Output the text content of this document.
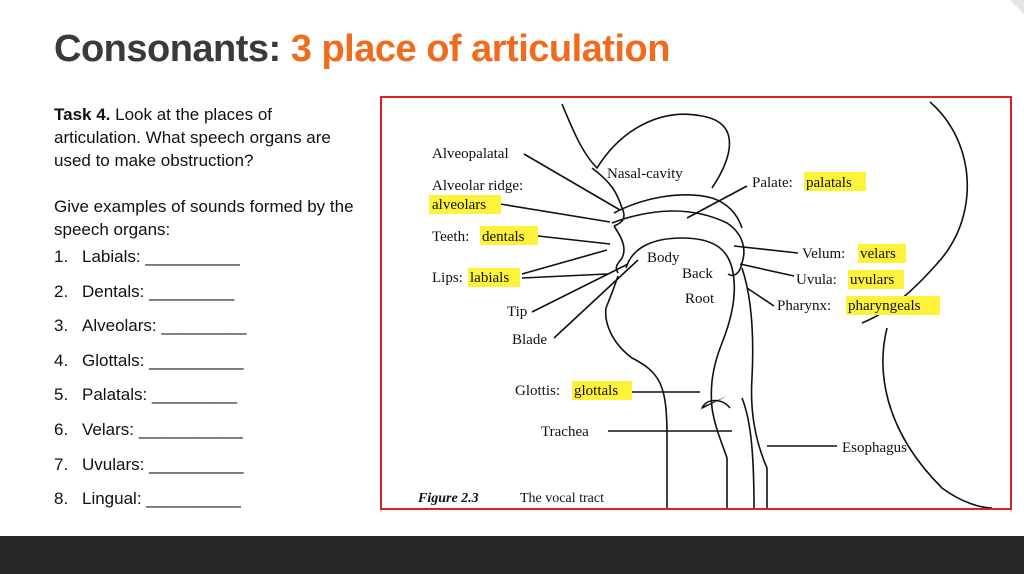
Consonants: 3 place of articulation

Task 4. Look at the places of articulation. What speech organs are used to make obstruction?

Give examples of sounds formed by the speech organs:

1. Labials: __________
2. Dentals: _________
3. Alveolars: _________
4. Glottals: __________
5. Palatals: _________
6. Velars: ___________
7. Uvulars: __________
8. Lingual: __________
Alveopalatal
Nasal-cavity
Alveolar ridge:
alveolars
Teeth: dentals
Lips: labials
Body
Back
Root
Tip
Blade
Palate: palatals
Velum: velars
Uvula: uvulars
Pharynx: pharyngeals
Glottis: glottals
Trachea
Esophagus
Figure 2.3	The vocal tract
